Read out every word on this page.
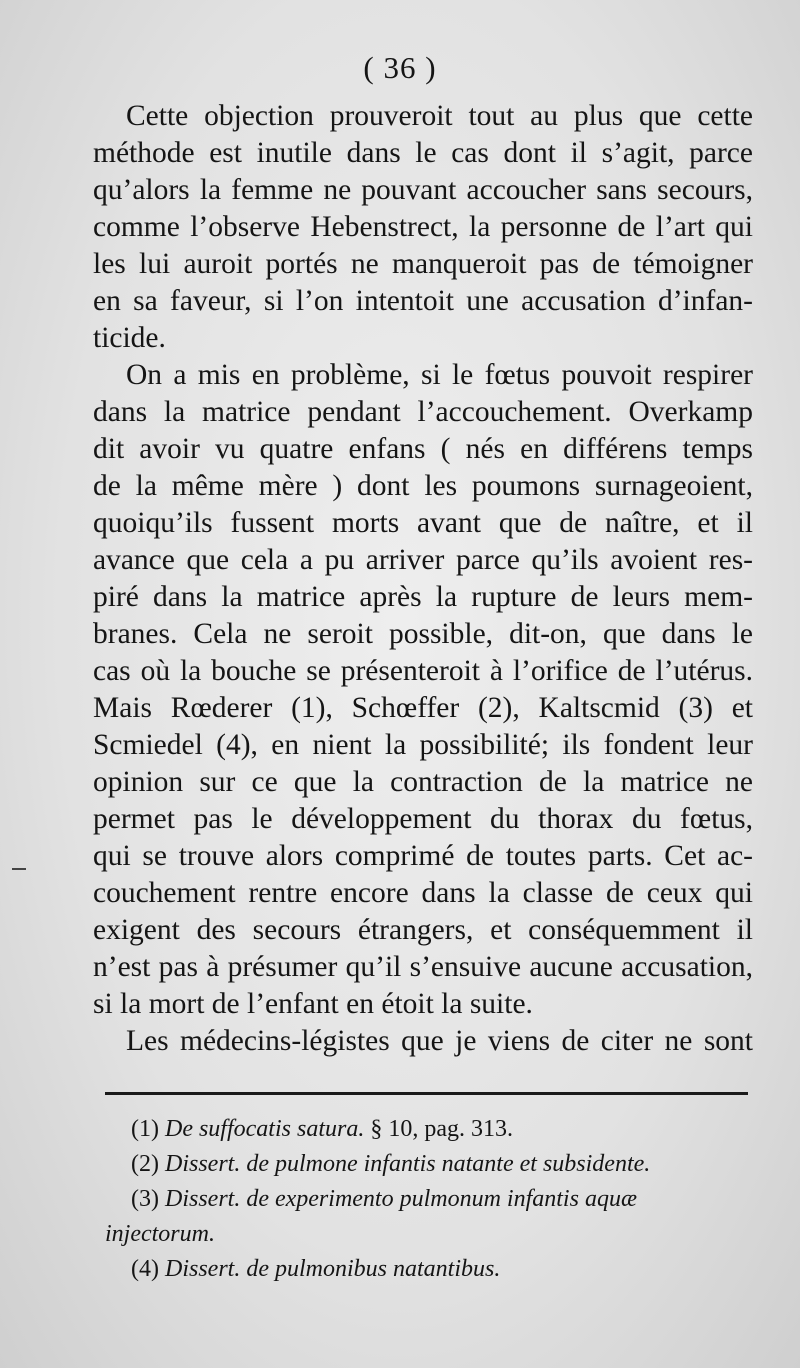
( 36 )
Cette objection prouveroit tout au plus que cette
méthode est inutile dans le cas dont il s’agit, parce
qu’alors la femme ne pouvant accoucher sans secours,
comme l’observe Hebenstrect, la personne de l’art qui
les lui auroit portés ne manqueroit pas de témoigner
en sa faveur, si l’on intentoit une accusation d’infan-
ticide.
On a mis en problème, si le fœtus pouvoit respirer
dans la matrice pendant l’accouchement. Overkamp
dit avoir vu quatre enfans ( nés en différens temps
de la même mère ) dont les poumons surnageoient,
quoiqu’ils fussent morts avant que de naître, et il
avance que cela a pu arriver parce qu’ils avoient res-
piré dans la matrice après la rupture de leurs mem-
branes. Cela ne seroit possible, dit-on, que dans le
cas où la bouche se présenteroit à l’orifice de l’utérus.
Mais Rœderer (1), Schœffer (2), Kaltscmid (3) et
Scmiedel (4), en nient la possibilité; ils fondent leur
opinion sur ce que la contraction de la matrice ne
permet pas le développement du thorax du fœtus,
qui se trouve alors comprimé de toutes parts. Cet ac-
couchement rentre encore dans la classe de ceux qui
exigent des secours étrangers, et conséquemment il
n’est pas à présumer qu’il s’ensuive aucune accusation,
si la mort de l’enfant en étoit la suite.
Les médecins-légistes que je viens de citer ne sont
(1) De suffocatis satura. § 10, pag. 313.
(2) Dissert. de pulmone infantis natante et subsidente.
(3) Dissert. de experimento pulmonum infantis aquæ
injectorum.
(4) Dissert. de pulmonibus natantibus.
